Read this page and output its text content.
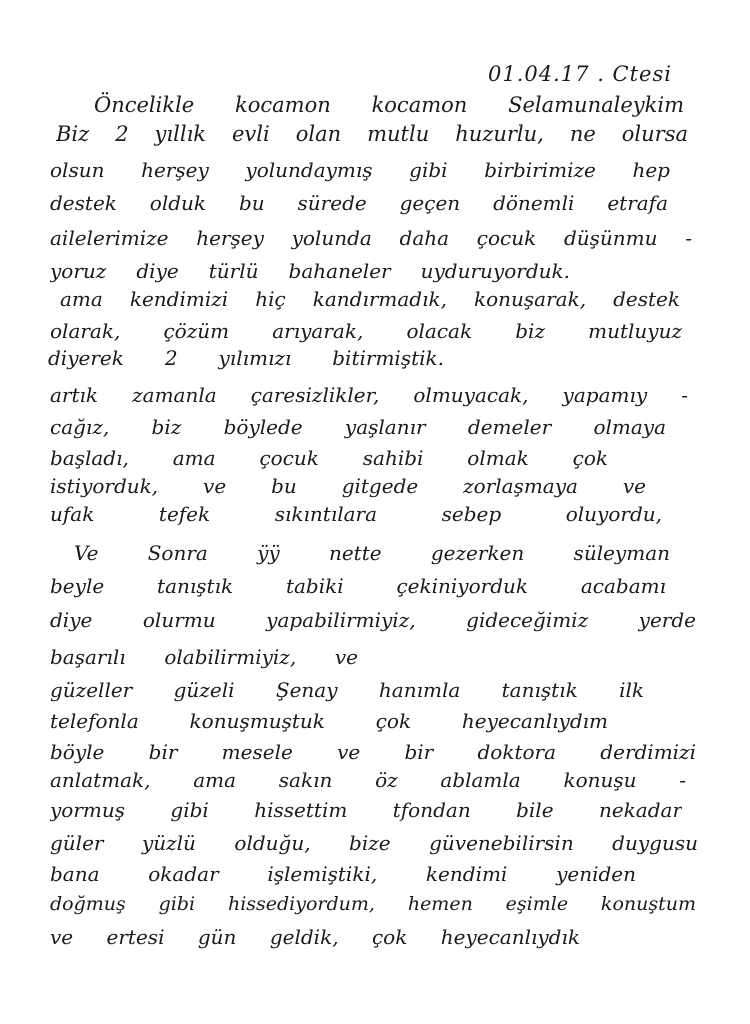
01.04.17 . Ctesi
Öncelikle kocamon kocamon Selamunaleykim
Biz 2 yıllık evli olan mutlu huzurlu, ne olursa
olsun herşey yolundaymış gibi birbirimize hep
destek olduk bu sürede geçen dönemli etrafa
ailelerimize herşey yolunda daha çocuk düşünmu -
yoruz diye türlü bahaneler uyduruyorduk.
ama kendimizi hiç kandırmadık, konuşarak, destek
olarak, çözüm arıyarak, olacak biz mutluyuz
diyerek 2 yılımızı bitirmiştik.
artık zamanla çaresizlikler, olmuyacak, yapamıy -
cağız, biz böylede yaşlanır demeler olmaya
başladı, ama çocuk sahibi olmak çok
istiyorduk, ve bu gitgede zorlaşmaya ve
ufak tefek sıkıntılara sebep oluyordu,
Ve Sonra ÿÿ nette gezerken süleyman
beyle tanıştık tabiki çekiniyorduk acabamı
diye olurmu yapabilirmiyiz, gideceğimiz yerde
başarılı olabilirmiyiz, ve
güzeller güzeli Şenay hanımla tanıştık ilk
telefonla konuşmuştuk çok heyecanlıydım
böyle bir mesele ve bir doktora derdimizi
anlatmak, ama sakın öz ablamla konuşu -
yormuş gibi hissettim tfondan bile nekadar
güler yüzlü olduğu, bize güvenebilirsin duygusu
bana okadar işlemiştiki, kendimi yeniden
doğmuş gibi hissediyordum, hemen eşimle konuştum
ve ertesi gün geldik, çok heyecanlıydık
